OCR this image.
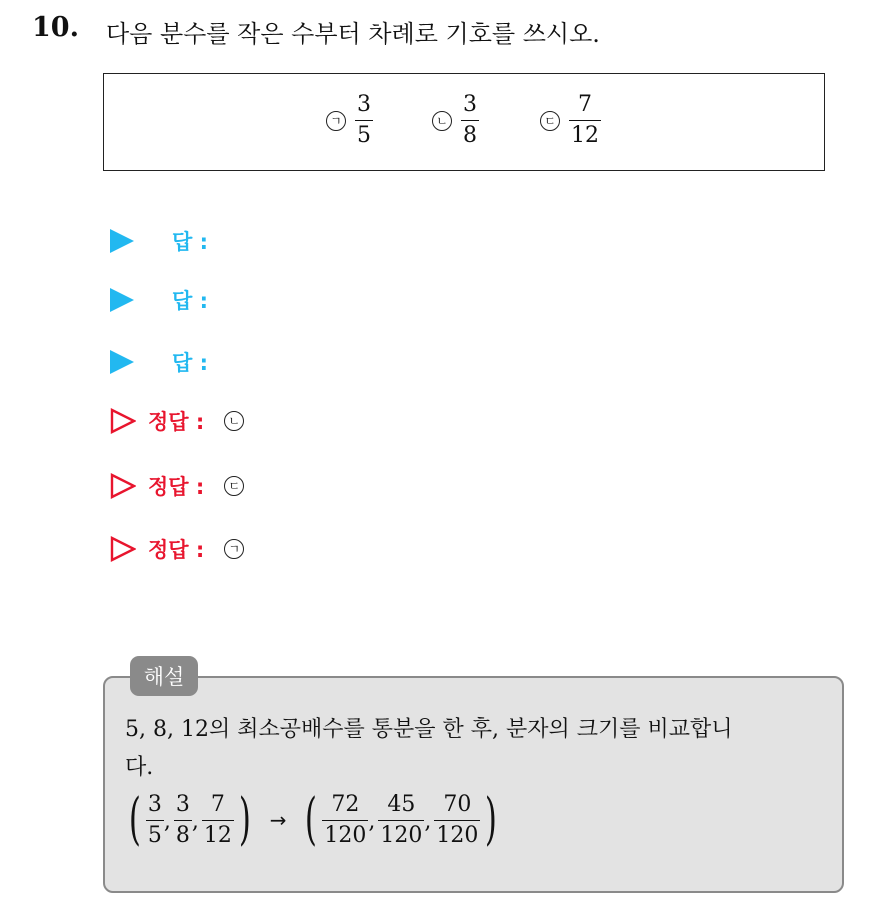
10. 다음 분수를 작은 수부터 차례로 기호를 쓰시오.
ㄱ $\frac{3}{5}$	ㄴ $\frac{3}{8}$	ㄷ $\frac{7}{12}$
답 :
답 :
답 :
정답 :	ㄴ
정답 :	ㄷ
정답 :	ㄱ
해설
5, 8, 12의 최소공배수를 통분을 한 후, 분자의 크기를 비교합니
다.
( $\frac{3}{5}$ , $\frac{3}{8}$ , $\frac{7}{12}$ ) → ( $\frac{72}{120}$ , $\frac{45}{120}$ , $\frac{70}{120}$ )
